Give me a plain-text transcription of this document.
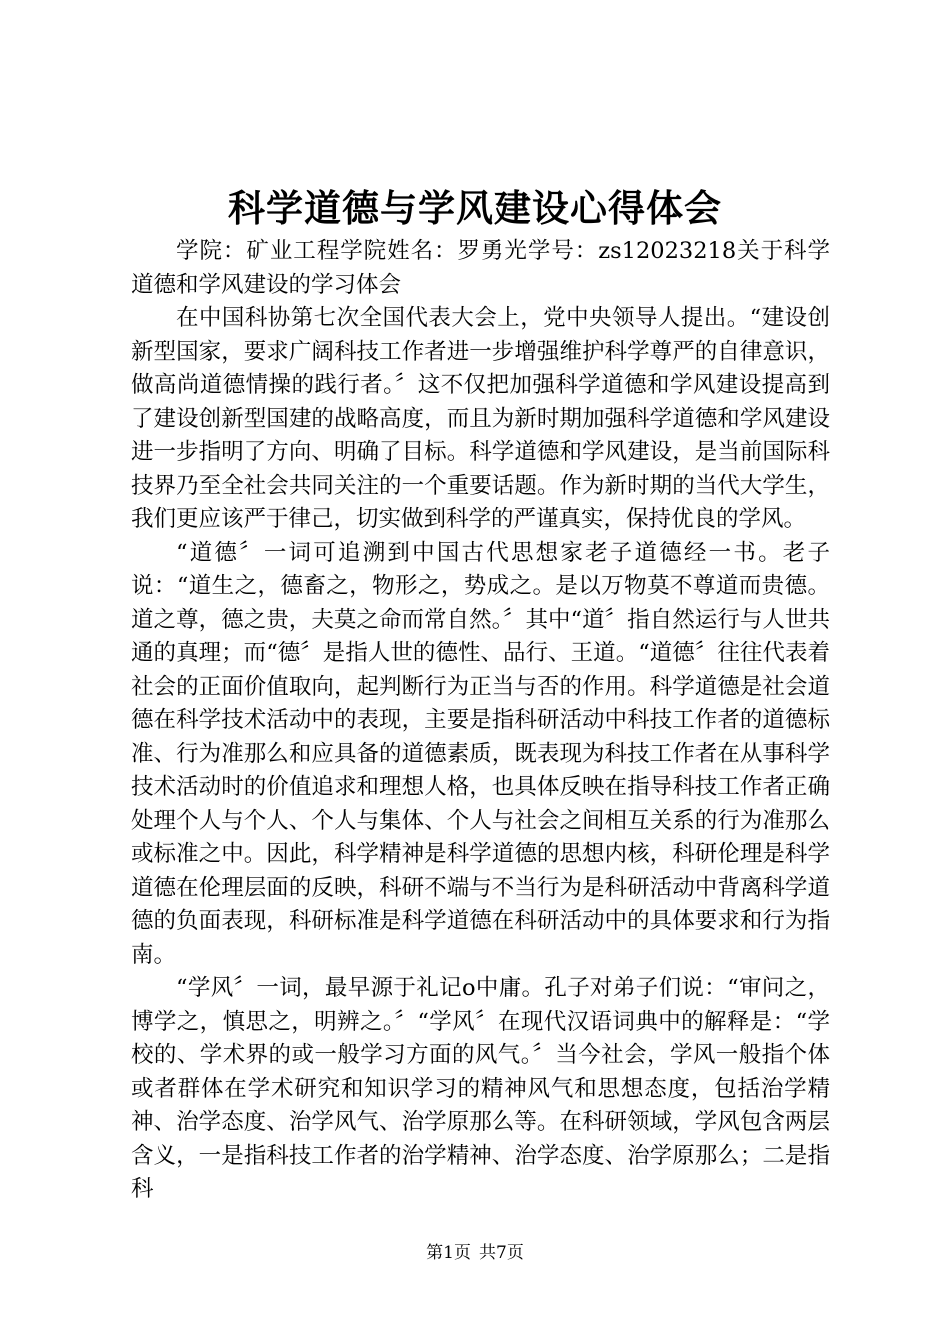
科学道德与学风建设心得体会

学院：矿业工程学院姓名：罗勇光学号：zs12023218关于科学道德和学风建设的学习体会

在中国科协第七次全国代表大会上，党中央领导人提出。“建设创新型国家，要求广阔科技工作者进一步增强维护科学尊严的自律意识，做高尚道德情操的践行者。〞这不仅把加强科学道德和学风建设提高到了建设创新型国建的战略高度，而且为新时期加强科学道德和学风建设进一步指明了方向、明确了目标。科学道德和学风建设，是当前国际科技界乃至全社会共同关注的一个重要话题。作为新时期的当代大学生，我们更应该严于律己，切实做到科学的严谨真实，保持优良的学风。

“道德〞一词可追溯到中国古代思想家老子道德经一书。老子说：“道生之，德畜之，物形之，势成之。是以万物莫不尊道而贵德。道之尊，德之贵，夫莫之命而常自然。〞其中“道〞指自然运行与人世共通的真理；而“德〞是指人世的德性、品行、王道。“道德〞往往代表着社会的正面价值取向，起判断行为正当与否的作用。科学道德是社会道德在科学技术活动中的表现，主要是指科研活动中科技工作者的道德标准、行为准那么和应具备的道德素质，既表现为科技工作者在从事科学技术活动时的价值追求和理想人格，也具体反映在指导科技工作者正确处理个人与个人、个人与集体、个人与社会之间相互关系的行为准那么或标准之中。因此，科学精神是科学道德的思想内核，科研伦理是科学道德在伦理层面的反映，科研不端与不当行为是科研活动中背离科学道德的负面表现，科研标准是科学道德在科研活动中的具体要求和行为指南。

“学风〞一词，最早源于礼记ο中庸。孔子对弟子们说：“审问之，博学之，慎思之，明辨之。〞“学风〞在现代汉语词典中的解释是：“学校的、学术界的或一般学习方面的风气。〞当今社会，学风一般指个体或者群体在学术研究和知识学习的精神风气和思想态度，包括治学精神、治学态度、治学风气、治学原那么等。在科研领域，学风包含两层含义，一是指科技工作者的治学精神、治学态度、治学原那么；二是指科

第1页 共7页
